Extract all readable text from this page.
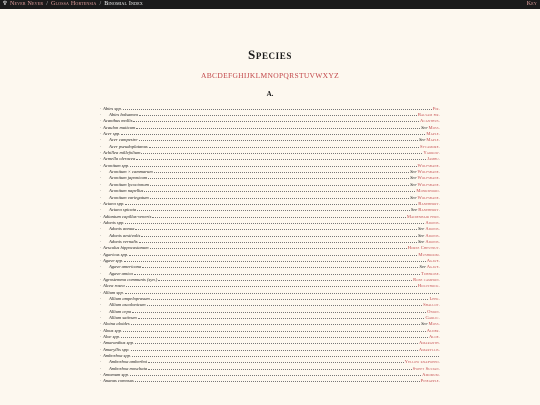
♆ Never Never / Glossa Hortensia / Binomial Index	Key
Species
ABCDEFGHIJKLMNOPQRSTUVWXYZ
A.
· Abies spp.	Fir.
·	Abies balsamea	Balsam fir.
· Acanthus mollis	Acanthus.
· Acaulon muticum	See Moss.
· Acer spp.	Maple.
·	Acer campestre	See Maple.
·	Acer pseudoplatanus	Sycamore.
· Achillea millefolium	Yarrow.
· Acmella oleracea	Jambu.
· Aconitum spp.	Wolfsbane.
·	Aconitum × cammarum	See Wolfsbane.
·	Aconitum japonicum	See Wolfsbane.
·	Aconitum lycoctonum	See Wolfsbane.
·	Aconitum napellus	Monkshood.
·	Aconitum variegatum	See Wolfsbane.
· Actaea spp.	Baneberry.
·	Actaea spicata	See Baneberry.
· Adiantum capillus-veneris	Maidenhair fern.
· Adonis spp.	Adonis.
·	Adonis annua	See Adonis.
·	Adonis aestivalis	See Adonis.
·	Adonis vernalis	See Adonis.
· Aesculus hippocastanum	Horse Chestnut.
· Agaricus spp.	Mushroom.
· Agave spp.	Agave.
·	Agave americana	See Agave.
·	Agave amica	Tuberose.
· Agrostemma communis (syn.)	Rose campion.
· Alcea rosea	Hollyhock.
· Allium spp.
·	Allium ampeloprasum	Leek.
·	Allium ascalonicum	Shallot.
·	Allium cepa	Onion.
·	Allium sativum	Garlic.
· Aloina aloides	See Moss.
· Alnus spp.	Alder.
· Aloe spp.	Aloe.
· Amaranthus spp.	Amaranth.
· Amaryllis spp.	Amaryllis.
· Amborboa spp.
·	Amborboa amberboi	Yellow knapweed.
·	Amborboa moschata	Sweet Sultan.
· Amomum spp.	Amomum.
· Ananas comosus	Pineapple.
